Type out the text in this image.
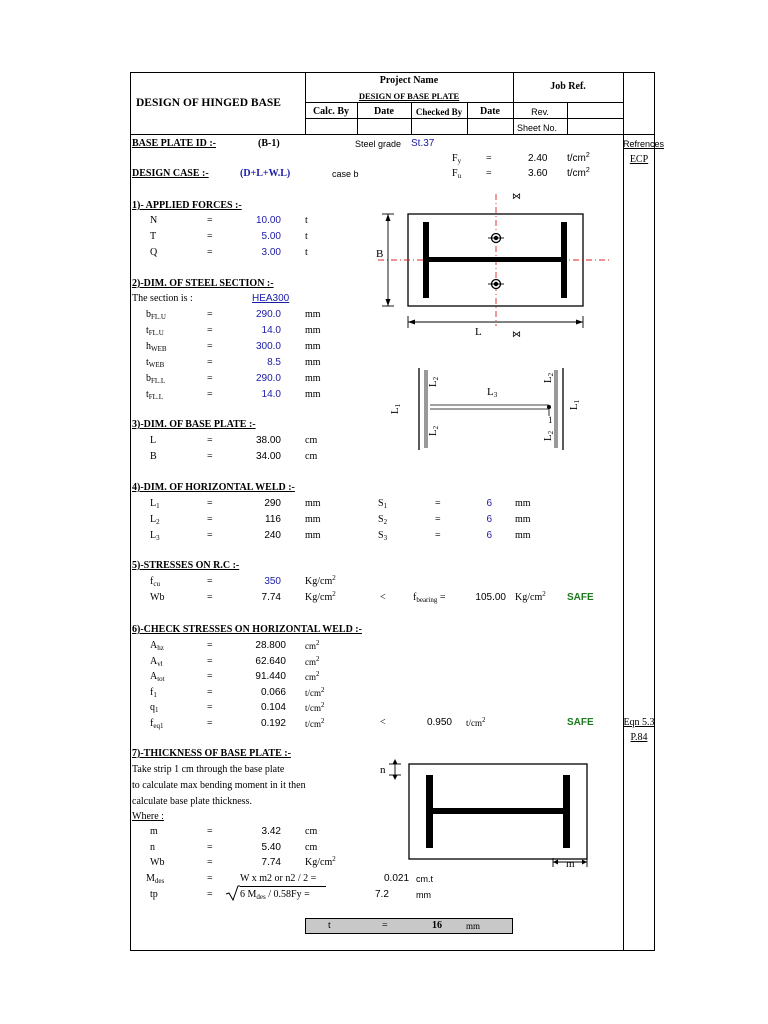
DESIGN OF HINGED BASE
Project Name
DESIGN OF BASE PLATE
Job Ref.
Calc. By	Date	Checked By	Date	Rev.
Sheet No.
Refrences
ECP
Eqn 5.3
P.84
BASE PLATE ID :-	(B-1)	Steel grade St.37
$F_y$ =	2.40 $t/cm^2$
DESIGN CASE :-	(D+L+W.L)	case b	$F_u$ =	3.60 $t/cm^2$
1)- APPLIED FORCES :-
N	=	10.00 t
T	=	5.00 t
Q	=	3.00 t
2)-DIM. OF STEEL SECTION :-
The section is :	HEA300
$b_{FL.U}$	=	290.0 mm
$t_{FL.U}$	=	14.0 mm
$h_{WEB}$	=	300.0 mm
$t_{WEB}$	=	8.5 mm
$b_{FL.L}$	=	290.0 mm
$t_{FL.L}$	=	14.0 mm
3)-DIM. OF BASE PLATE :-
L	=	38.00 cm
B	=	34.00 cm
4)-DIM. OF HORIZONTAL WELD :-
$L_1$	=	290 mm	$S_1$	=	6 mm
$L_2$	=	116 mm	$S_2$	=	6 mm
$L_3$	=	240 mm	$S_3$	=	6 mm
5)-STRESSES ON R.C :-
$f_{cu}$	=	350 $Kg/cm^2$
Wb	=	7.74 $Kg/cm^2$	<	$f_{bearing}$ =	105.00 $Kg/cm^2$ SAFE
6)-CHECK STRESSES ON HORIZONTAL WELD :-
$A_{hz}$	=	28.800 $cm^2$
$A_{vl}$	=	62.640 $cm^2$
$A_{tot}$	=	91.440 $cm^2$
$f_1$	=	0.066 $t/cm^2$
$q_1$	=	0.104 $t/cm^2$
$f_{eq1}$	=	0.192 $t/cm^2$	<	0.950 $t/cm^2$	SAFE
7)-THICKNESS OF BASE PLATE :-
Take strip 1 cm through the base plate
to calculate max bending moment in it then
calculate base plate thickness.
Where :
m	=	3.42 cm
n	=	5.40 cm
Wb	=	7.74 $Kg/cm^2$
$M_{des}$	=	W x m2 or n2 / 2 =	0.021 cm.t
tp	=	6 $M_{des} / 0.58Fy$ =	7.2	mm
t	=	16	mm
⋈
⋈
B
L
$L_1$
$L_2$
$L_2$
$L_3$
1
$L_2$
$L_2$
$L_1$
n
m
